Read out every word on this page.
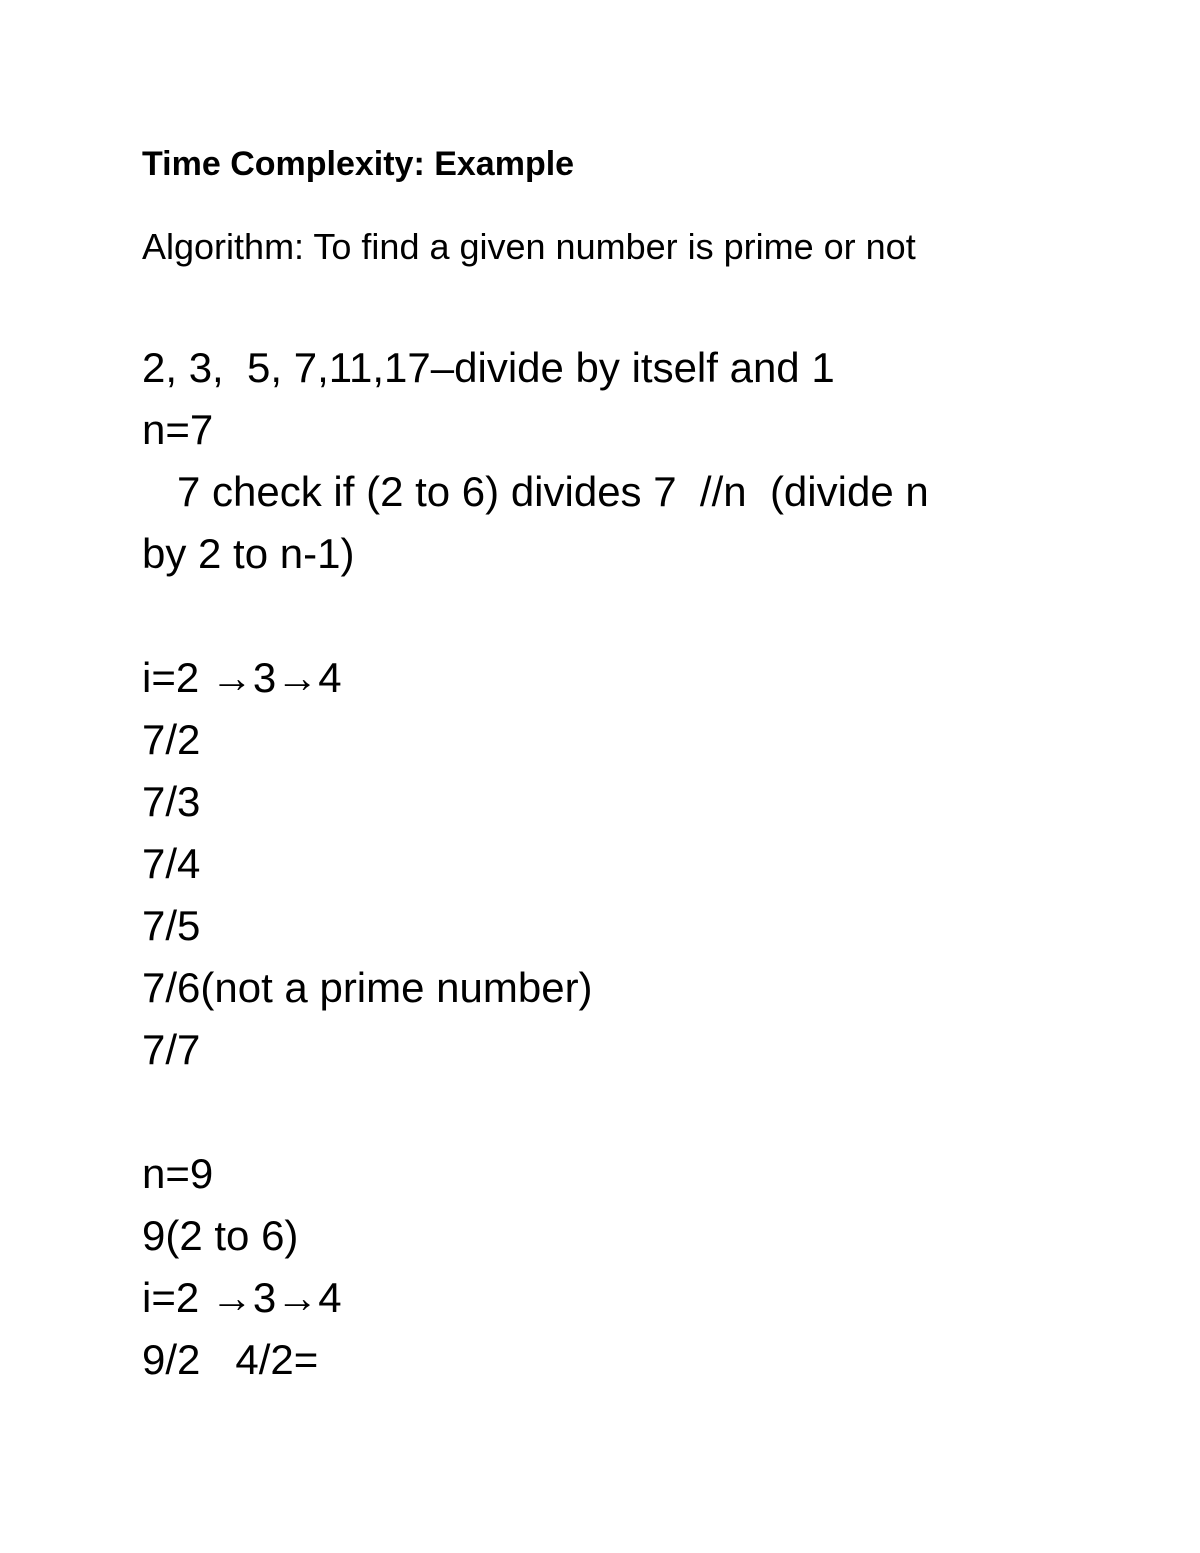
Time Complexity: Example
Algorithm: To find a given number is prime or not
2, 3,  5, 7,11,17–divide by itself and 1
n=7
7 check if (2 to 6) divides 7  //n  (divide n
by 2 to n-1)
i=2 →3→4
7/2
7/3
7/4
7/5
7/6(not a prime number)
7/7
n=9
9(2 to 6)
i=2 →3→4
9/2   4/2=
